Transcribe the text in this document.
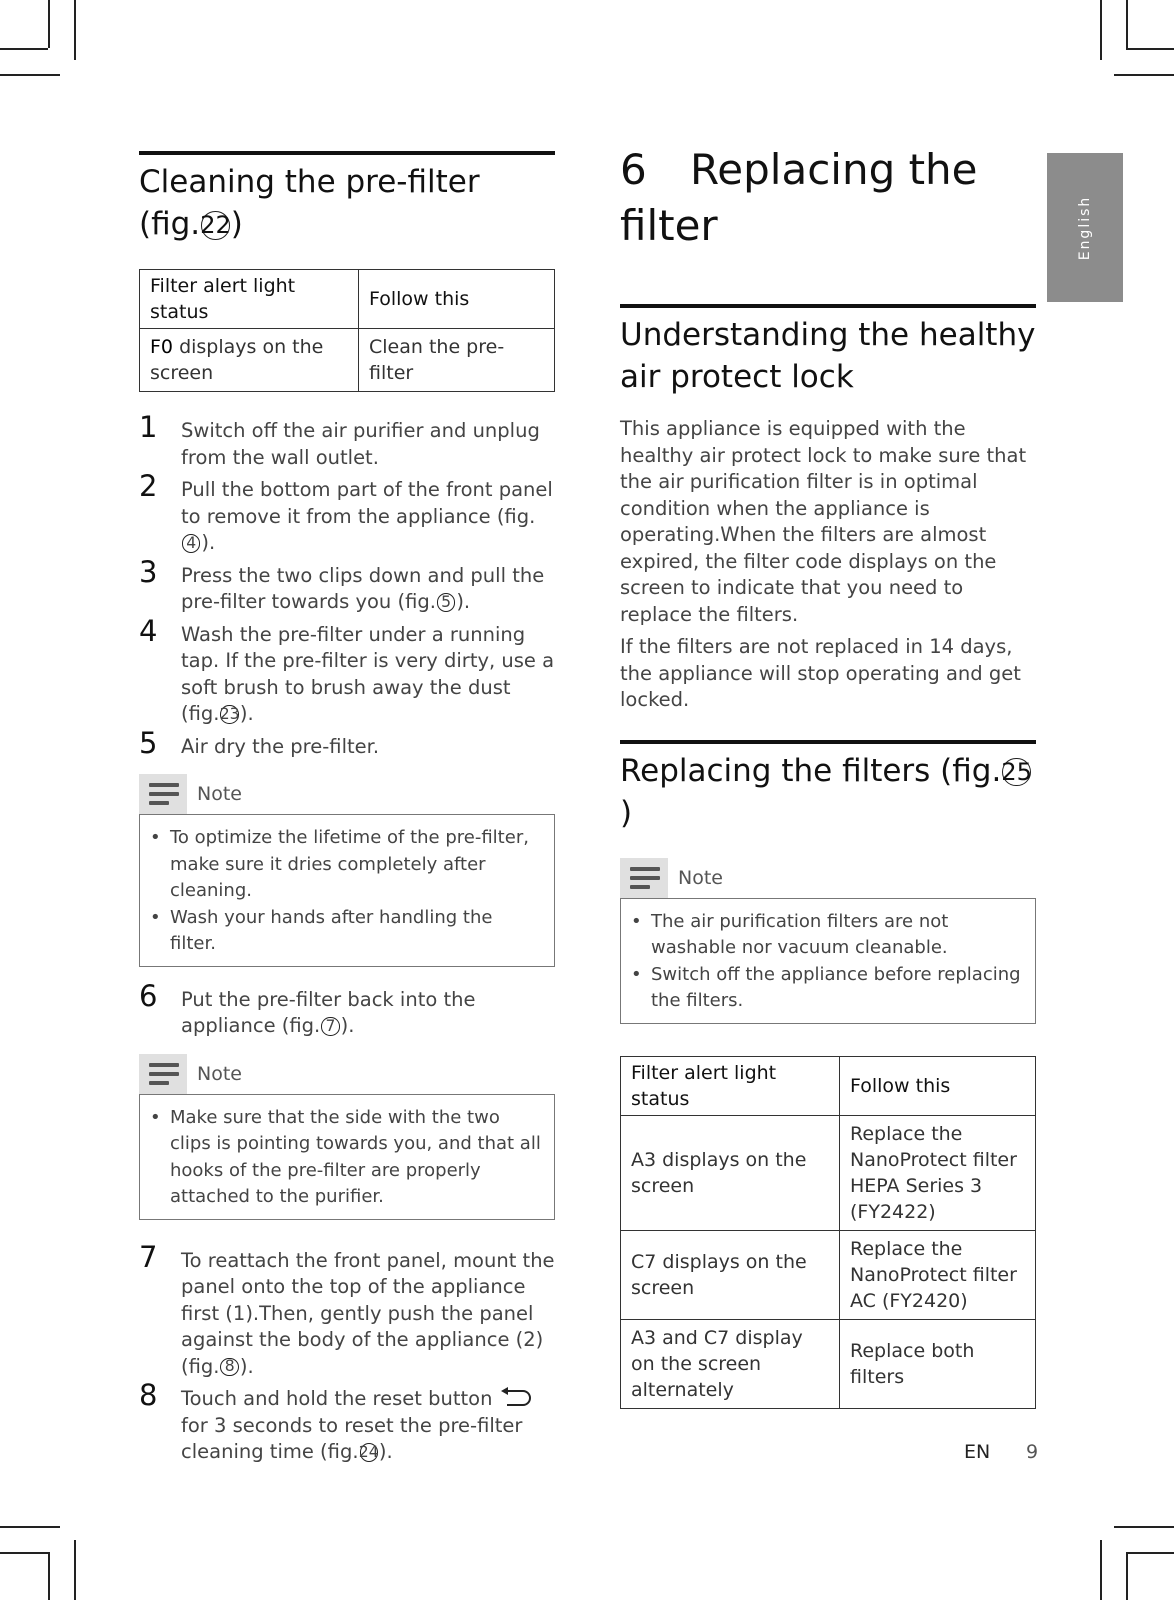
English
Cleaning the pre-filter
(fig.22)
Filter alert light status	Follow this
F0 displays on the screen	Clean the pre-filter
1 Switch off the air purifier and unplug from the wall outlet.
2 Pull the bottom part of the front panel to remove it from the appliance (fig.4 ).
3 Press the two clips down and pull the pre-filter towards you (fig. 5 ).
4 Wash the pre-filter under a running tap. If the pre-filter is very dirty, use a soft brush to brush away the dust (fig.23).
5 Air dry the pre-filter.
Note
• To optimize the lifetime of the pre-filter, make sure it dries completely after cleaning.
• Wash your hands after handling the filter.
6 Put the pre-filter back into the appliance (fig. 7 ).
Note
• Make sure that the side with the two clips is pointing towards you, and that all hooks of the pre-filter are properly attached to the purifier.
7 To reattach the front panel, mount the panel onto the top of the appliance first (1).Then, gently push the panel against the body of the appliance (2) (fig. 8 ).
8 Touch and hold the reset button  for 3 seconds to reset the pre-filter cleaning time (fig.24).
6 Replacing the filter
Understanding the healthy air protect lock

This appliance is equipped with the healthy air protect lock to make sure that the air purification filter is in optimal condition when the appliance is operating.When the filters are almost expired, the filter code displays on the screen to indicate that you need to replace the filters.

If the filters are not replaced in 14 days, the appliance will stop operating and get locked.

Replacing the filters (fig.25)
Note
• The air purification filters are not washable nor vacuum cleanable.
• Switch off the appliance before replacing the filters.
Filter alert light status	Follow this
A3 displays on the screen	Replace the NanoProtect filter HEPA Series 3 (FY2422)
C7 displays on the screen	Replace the NanoProtect filter AC (FY2420)
A3 and C7 display on the screen alternately	Replace both filters
EN 9
